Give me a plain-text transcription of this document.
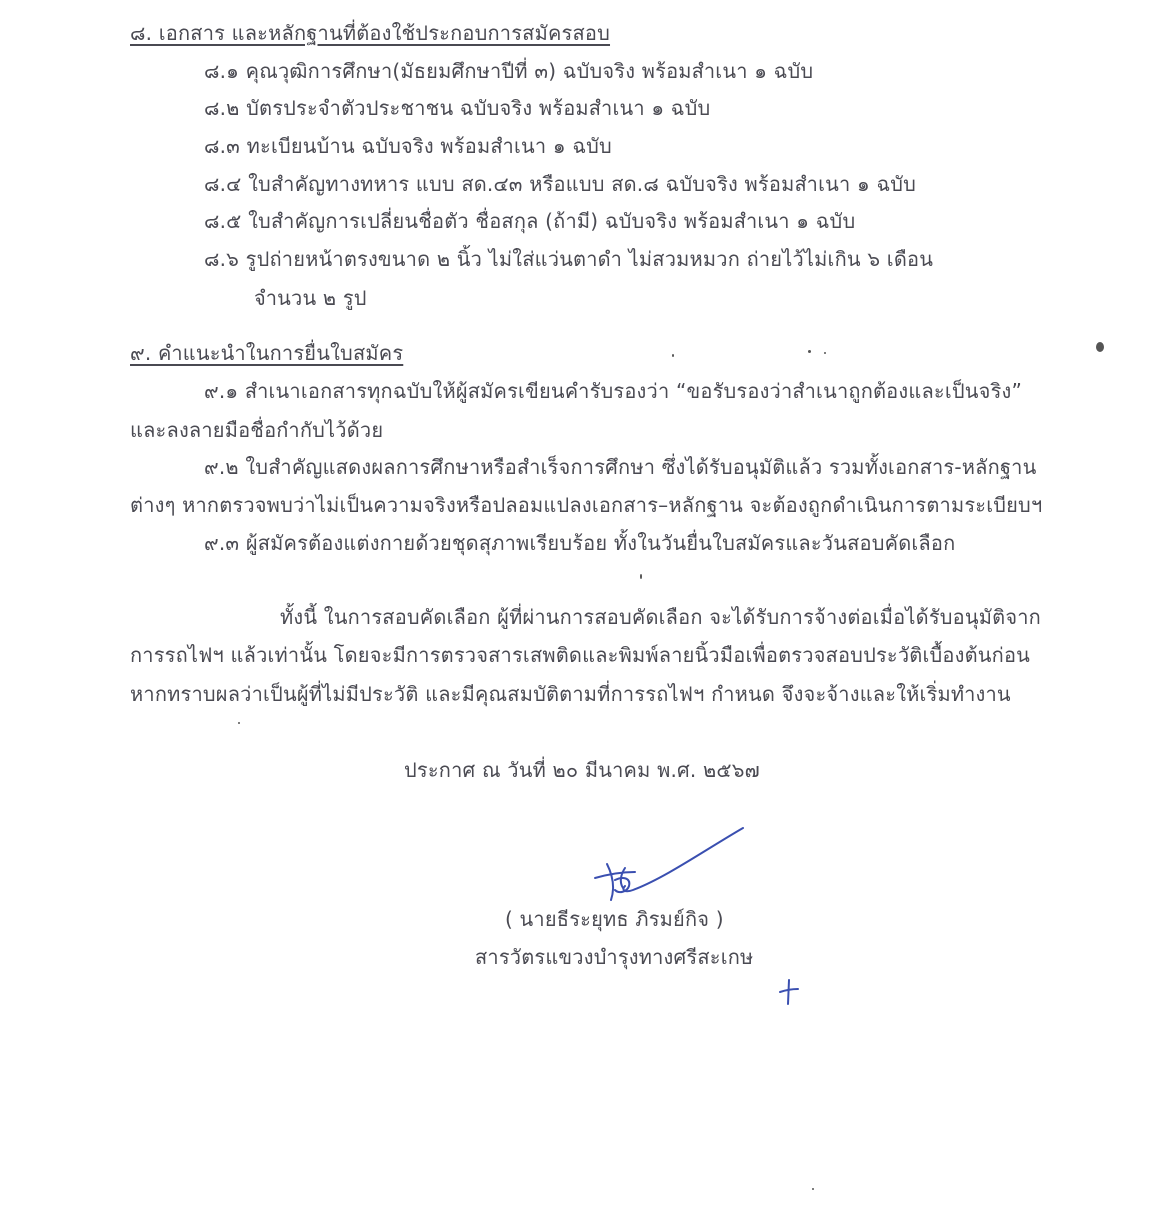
๘. เอกสาร และหลักฐานที่ต้องใช้ประกอบการสมัครสอบ
๘.๑ คุณวุฒิการศึกษา(มัธยมศึกษาปีที่ ๓) ฉบับจริง พร้อมสำเนา ๑ ฉบับ
๘.๒ บัตรประจำตัวประชาชน ฉบับจริง พร้อมสำเนา ๑ ฉบับ
๘.๓ ทะเบียนบ้าน ฉบับจริง พร้อมสำเนา ๑ ฉบับ
๘.๔ ใบสำคัญทางทหาร แบบ สด.๔๓ หรือแบบ สด.๘ ฉบับจริง พร้อมสำเนา ๑ ฉบับ
๘.๕ ใบสำคัญการเปลี่ยนชื่อตัว ชื่อสกุล (ถ้ามี) ฉบับจริง พร้อมสำเนา ๑ ฉบับ
๘.๖ รูปถ่ายหน้าตรงขนาด ๒ นิ้ว ไม่ใส่แว่นตาดำ ไม่สวมหมวก ถ่ายไว้ไม่เกิน ๖ เดือน
จำนวน ๒ รูป
๙. คำแนะนำในการยื่นใบสมัคร
๙.๑ สำเนาเอกสารทุกฉบับให้ผู้สมัครเขียนคำรับรองว่า “ขอรับรองว่าสำเนาถูกต้องและเป็นจริง”
และลงลายมือชื่อกำกับไว้ด้วย
๙.๒ ใบสำคัญแสดงผลการศึกษาหรือสำเร็จการศึกษา ซึ่งได้รับอนุมัติแล้ว รวมทั้งเอกสาร-หลักฐาน
ต่างๆ หากตรวจพบว่าไม่เป็นความจริงหรือปลอมแปลงเอกสาร–หลักฐาน จะต้องถูกดำเนินการตามระเบียบฯ
๙.๓ ผู้สมัครต้องแต่งกายด้วยชุดสุภาพเรียบร้อย ทั้งในวันยื่นใบสมัครและวันสอบคัดเลือก
ทั้งนี้ ในการสอบคัดเลือก ผู้ที่ผ่านการสอบคัดเลือก จะได้รับการจ้างต่อเมื่อได้รับอนุมัติจาก
การรถไฟฯ แล้วเท่านั้น โดยจะมีการตรวจสารเสพติดและพิมพ์ลายนิ้วมือเพื่อตรวจสอบประวัติเบื้องต้นก่อน
หากทราบผลว่าเป็นผู้ที่ไม่มีประวัติ และมีคุณสมบัติตามที่การรถไฟฯ กำหนด จึงจะจ้างและให้เริ่มทำงาน
ประกาศ ณ วันที่ ๒๐ มีนาคม พ.ศ. ๒๕๖๗
( นายธีระยุทธ ภิรมย์กิจ )
สารวัตรแขวงบำรุงทางศรีสะเกษ
